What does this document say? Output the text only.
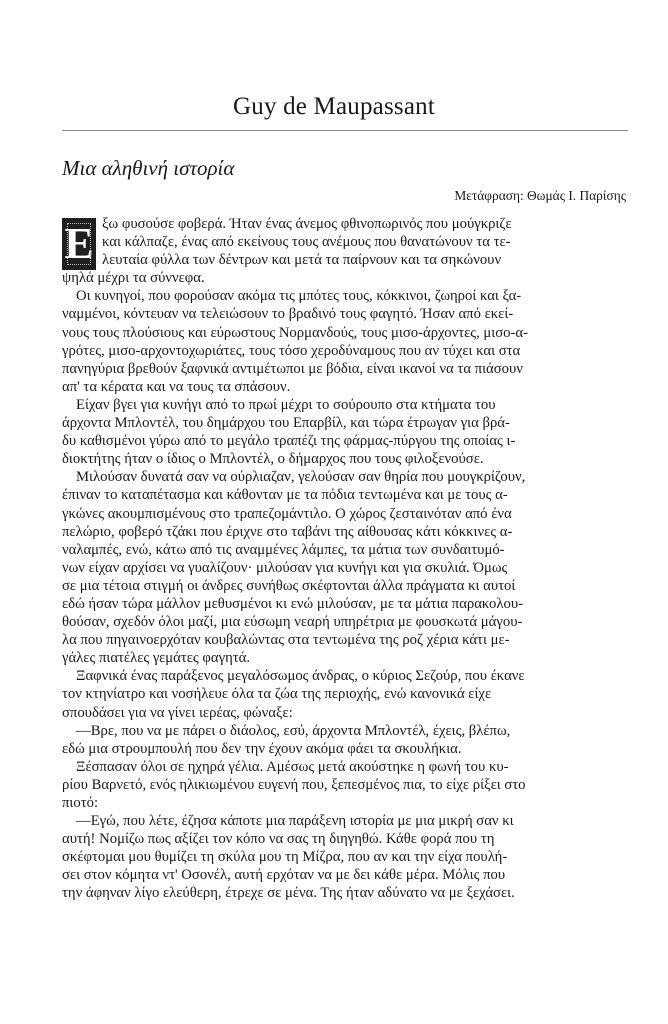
Guy de Maupassant
Μια αληθινή ιστορία
Μετάφραση: Θωμάς Ι. Παρίσης
Ε ξω φυσούσε φοβερά. Ήταν ένας άνεμος φθινοπωρινός που μούγκριζε
και κάλπαζε, ένας από εκείνους τους ανέμους που θανατώνουν τα τε-
λευταία φύλλα των δέντρων και μετά τα παίρνουν και τα σηκώνουν
ψηλά μέχρι τα σύννεφα.
Οι κυνηγοί, που φορούσαν ακόμα τις μπότες τους, κόκκινοι, ζωηροί και ξα-
ναμμένοι, κόντευαν να τελειώσουν το βραδινό τους φαγητό. Ήσαν από εκεί-
νους τους πλούσιους και εύρωστους Νορμανδούς, τους μισο-άρχοντες, μισο-α-
γρότες, μισο-αρχοντοχωριάτες, τους τόσο χεροδύναμους που αν τύχει και στα
πανηγύρια βρεθούν ξαφνικά αντιμέτωποι με βόδια, είναι ικανοί να τα πιάσουν
απ' τα κέρατα και να τους τα σπάσουν.
Είχαν βγει για κυνήγι από το πρωί μέχρι το σούρουπο στα κτήματα του
άρχοντα Μπλοντέλ, του δημάρχου του Επαρβίλ, και τώρα έτρωγαν για βρά-
δυ καθισμένοι γύρω από το μεγάλο τραπέζι της φάρμας-πύργου της οποίας ι-
διοκτήτης ήταν ο ίδιος ο Μπλοντέλ, ο δήμαρχος που τους φιλοξενούσε.
Μιλούσαν δυνατά σαν να ούρλιαζαν, γελούσαν σαν θηρία που μουγκρίζουν,
έπιναν το καταπέτασμα και κάθονταν με τα πόδια τεντωμένα και με τους α-
γκώνες ακουμπισμένους στο τραπεζομάντιλο. Ο χώρος ζεσταινόταν από ένα
πελώριο, φοβερό τζάκι που έριχνε στο ταβάνι της αίθουσας κάτι κόκκινες α-
ναλαμπές, ενώ, κάτω από τις αναμμένες λάμπες, τα μάτια των συνδαιτυμό-
νων είχαν αρχίσει να γυαλίζουν· μιλούσαν για κυνήγι και για σκυλιά. Όμως
σε μια τέτοια στιγμή οι άνδρες συνήθως σκέφτονται άλλα πράγματα κι αυτοί
εδώ ήσαν τώρα μάλλον μεθυσμένοι κι ενώ μιλούσαν, με τα μάτια παρακολου-
θούσαν, σχεδόν όλοι μαζί, μια εύσωμη νεαρή υπηρέτρια με φουσκωτά μάγου-
λα που πηγαινοερχόταν κουβαλώντας στα τεντωμένα της ροζ χέρια κάτι με-
γάλες πιατέλες γεμάτες φαγητά.
Ξαφνικά ένας παράξενος μεγαλόσωμος άνδρας, ο κύριος Σεζούρ, που έκανε
τον κτηνίατρο και νοσήλευε όλα τα ζώα της περιοχής, ενώ κανονικά είχε
σπουδάσει για να γίνει ιερέας, φώναξε:
—Βρε, που να με πάρει ο διάολος, εσύ, άρχοντα Μπλοντέλ, έχεις, βλέπω,
εδώ μια στρουμπουλή που δεν την έχουν ακόμα φάει τα σκουλήκια.
Ξέσπασαν όλοι σε ηχηρά γέλια. Αμέσως μετά ακούστηκε η φωνή του κυ-
ρίου Βαρνετό, ενός ηλικιωμένου ευγενή που, ξεπεσμένος πια, το είχε ρίξει στο
πιοτό:
—Εγώ, που λέτε, έζησα κάποτε μια παράξενη ιστορία με μια μικρή σαν κι
αυτή! Νομίζω πως αξίζει τον κόπο να σας τη διηγηθώ. Κάθε φορά που τη
σκέφτομαι μου θυμίζει τη σκύλα μου τη Μίζρα, που αν και την είχα πουλή-
σει στον κόμητα ντ' Οσονέλ, αυτή ερχόταν να με δει κάθε μέρα. Μόλις που
την άφηναν λίγο ελεύθερη, έτρεχε σε μένα. Της ήταν αδύνατο να με ξεχάσει.
